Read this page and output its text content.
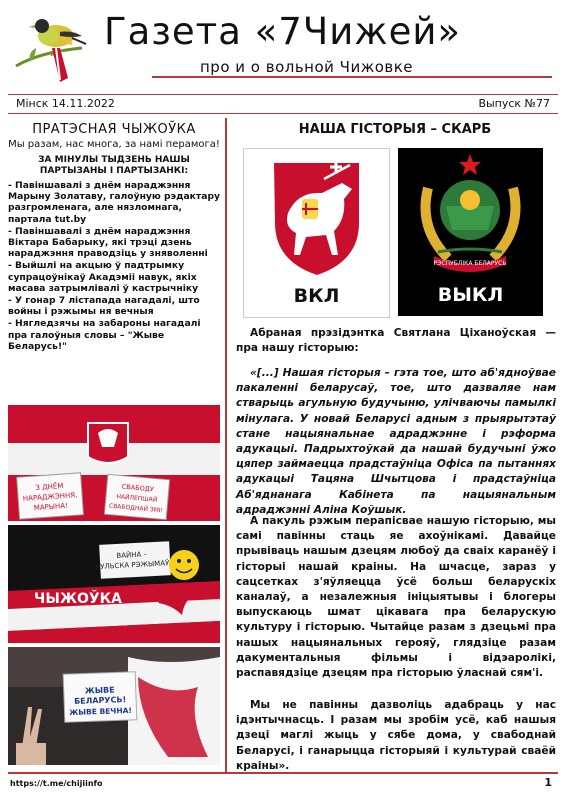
Газета «7Чижей»
про и о вольной Чижовке
Мінск 14.11.2022	Выпуск №77
ПРАТЭСНАЯ ЧЫЖОЎКА
Мы разам, нас многа, за намі перамога!
ЗА МІНУЛЫ ТЫДЗЕНЬ НАШЫ ПАРТЫЗАНЫ І ПАРТЫЗАНКІ:

- Павіншавалі з днём нараджэння Марыну Золатаву, галоўную рэдактару разгромленага, але нязломнага, партала tut.by

- Павіншавалі з днём нараджэння Віктара Бабарыку, які трэці дзень нараджэння праводзіць у зняволенні

- Выйшлі на акцыю ў падтрымку супрацоўнікаў Акадэміі навук, якіх масава затрымлівалі ў кастрычніку

- У гонар 7 лістапада нагадалі, што войны і рэжымы ня вечныя

- Нягледзячы на забароны нагадалі пра галоўныя словы – "Жыве Беларусь!"

З ДНЁМ
НАРАДЖЭННЯ,
МАРЫНА!
СВАБОДУ
НАЙЛЕПШАЙ
СВАБОДНАЙ ЗМІ!
ВАЙНА –
КУЛЬСКА РЭЖЫМАЎ
ЧЫЖОЎКА
ЖЫВЕ
БЕЛАРУСЬ!
ЖЫВЕ ВЕЧНА!
НАША ГІСТОРЫЯ – СКАРБ
ВКЛ
РЭСПУБЛІКА БЕЛАРУСЬ
ВЫКЛ
Абраная прэзідэнтка Святлана Ціханоўская — пра нашу гісторыю:
«[...] Нашая гісторыя – гэта тое, што аб'ядноўвае пакаленні беларусаў, тое, што дазваляе нам стварыць агульную будучыню, улічваючы памылкі мінулага. У новай Беларусі адным з прыярытэтаў стане нацыянальнае адраджэнне і рэформа адукацыі. Падрыхтоўкай да нашай будучыні ўжо цяпер займаецца прадстаўніца Офіса па пытаннях адукацыі Тацяна Шчытцова і прадстаўніца Аб'яднанага Кабінета па нацыянальным адраджэнні Аліна Коўшык.
А пакуль рэжым перапісвае нашую гісторыю, мы самі павінны стаць яе ахоўнікамі. Давайце прывівaць нашым дзецям любоў да сваіх каранёў і гісторыі нашай краіны. На шчасце, зараз у сацсетках з'яўляецца ўсё больш беларускіх каналаў, а незалежныя ініцыятывы і блогеры выпускаюць шмат цікавага пра беларускую культуру і гісторыю. Чытайце разам з дзецьмі пра нашых нацыянальных герояў, глядзіце разам дакументальныя фільмы і відэаролікі, распавядзіце дзецям пра гісторыю ўласнай сям'і.
Мы не павінны дазволіць адабраць у нас ідэнтычнасць. І разам мы зробім усё, каб нашыя дзеці маглі жыць у сябе дома, у свабоднай Беларусі, і ганарыцца гісторыяй і культурай сваёй краіны».
https://t.me/chijiinfo	1
